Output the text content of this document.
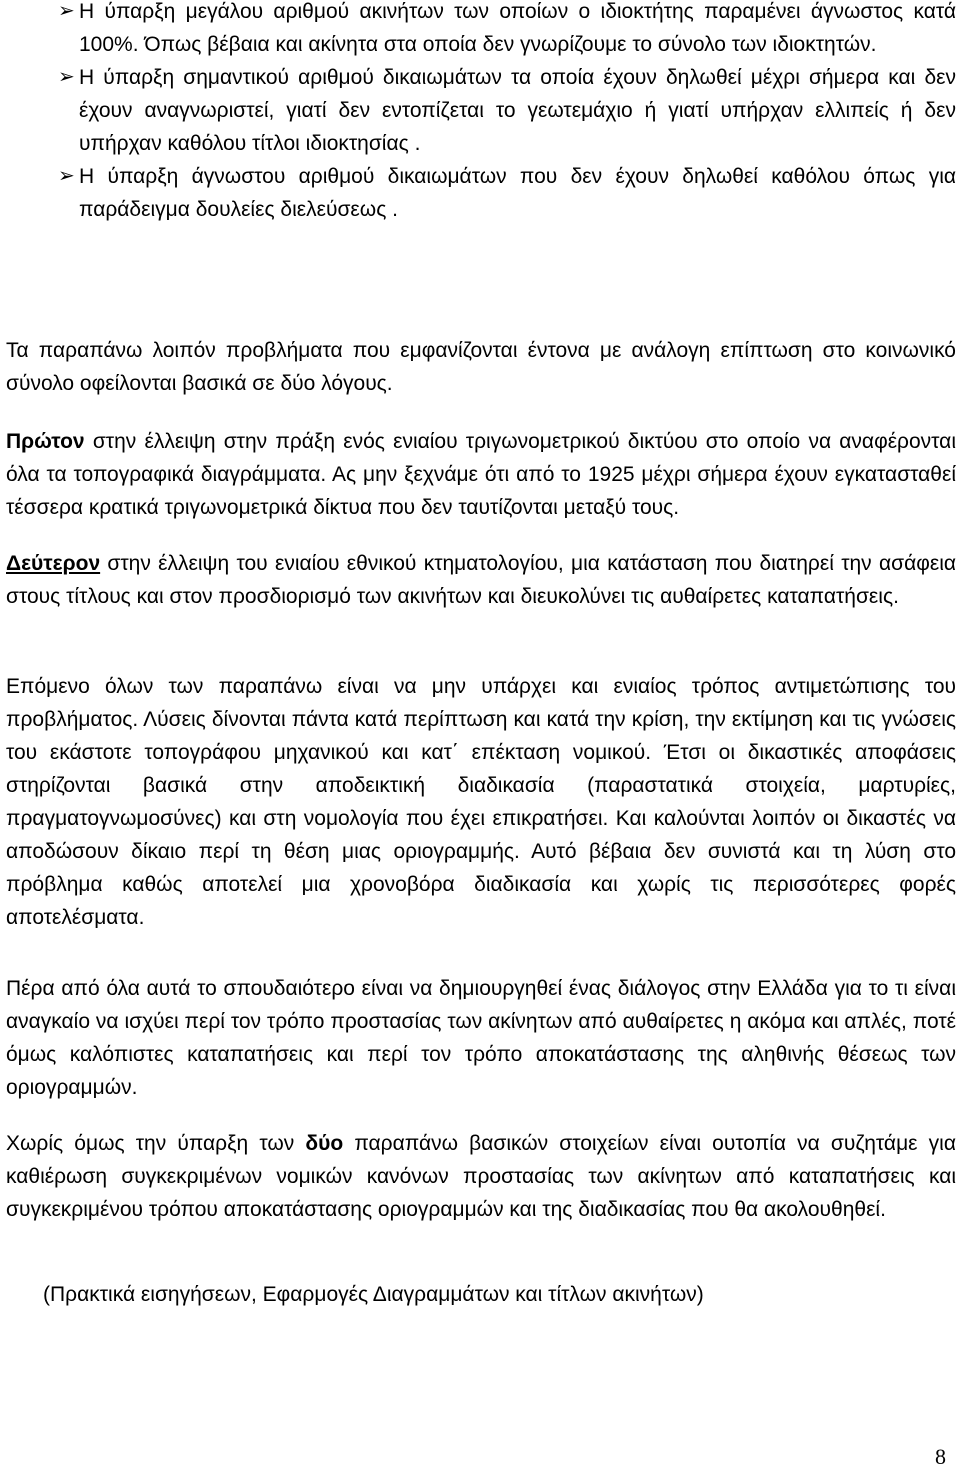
➢ Η ύπαρξη μεγάλου αριθμού ακινήτων των οποίων ο ιδιοκτήτης παραμένει άγνωστος κατά 100%. Όπως βέβαια και ακίνητα στα οποία δεν γνωρίζουμε το σύνολο των ιδιοκτητών.
➢ Η ύπαρξη σημαντικού αριθμού δικαιωμάτων τα οποία έχουν δηλωθεί μέχρι σήμερα και δεν έχουν αναγνωριστεί, γιατί δεν εντοπίζεται το γεωτεμάχιο ή γιατί υπήρχαν ελλιπείς ή δεν υπήρχαν καθόλου τίτλοι ιδιοκτησίας .
➢ Η ύπαρξη άγνωστου αριθμού δικαιωμάτων που δεν έχουν δηλωθεί καθόλου όπως για παράδειγμα δουλείες διελεύσεως .

Τα παραπάνω λοιπόν προβλήματα που εμφανίζονται έντονα με ανάλογη επίπτωση στο κοινωνικό σύνολο οφείλονται βασικά σε δύο λόγους.

Πρώτον στην έλλειψη στην πράξη ενός ενιαίου τριγωνομετρικού δικτύου στο οποίο να αναφέρονται όλα τα τοπογραφικά διαγράμματα. Ας μην ξεχνάμε ότι από το 1925 μέχρι σήμερα έχουν εγκατασταθεί τέσσερα κρατικά τριγωνομετρικά δίκτυα που δεν ταυτίζονται μεταξύ τους.

Δεύτερον στην έλλειψη του ενιαίου εθνικού κτηματολογίου, μια κατάσταση που διατηρεί την ασάφεια στους τίτλους και στον προσδιορισμό των ακινήτων και διευκολύνει τις αυθαίρετες καταπατήσεις.

Επόμενο όλων των παραπάνω είναι να μην υπάρχει και ενιαίος τρόπος αντιμετώπισης του προβλήματος. Λύσεις δίνονται πάντα κατά περίπτωση και κατά την κρίση, την εκτίμηση και τις γνώσεις του εκάστοτε τοπογράφου μηχανικού και κατ΄ επέκταση νομικού. Έτσι οι δικαστικές αποφάσεις στηρίζονται βασικά στην αποδεικτική διαδικασία (παραστατικά στοιχεία, μαρτυρίες, πραγματογνωμοσύνες) και στη νομολογία που έχει επικρατήσει. Και καλούνται λοιπόν οι δικαστές να αποδώσουν δίκαιο περί τη θέση μιας οριογραμμής. Αυτό βέβαια δεν συνιστά και τη λύση στο πρόβλημα καθώς αποτελεί μια χρονοβόρα διαδικασία και χωρίς τις περισσότερες φορές αποτελέσματα.

Πέρα από όλα αυτά το σπουδαιότερο είναι να δημιουργηθεί ένας διάλογος στην Ελλάδα για το τι είναι αναγκαίο να ισχύει περί τον τρόπο προστασίας των ακίνητων από αυθαίρετες η ακόμα και απλές, ποτέ όμως καλόπιστες καταπατήσεις και περί τον τρόπο αποκατάστασης της αληθινής θέσεως των οριογραμμών.

Χωρίς όμως την ύπαρξη των δύο παραπάνω βασικών στοιχείων είναι ουτοπία να συζητάμε για καθιέρωση συγκεκριμένων νομικών κανόνων προστασίας των ακίνητων από καταπατήσεις και συγκεκριμένου τρόπου αποκατάστασης οριογραμμών και της διαδικασίας που θα ακολουθηθεί.

(Πρακτικά εισηγήσεων, Εφαρμογές Διαγραμμάτων και τίτλων ακινήτων)

8
